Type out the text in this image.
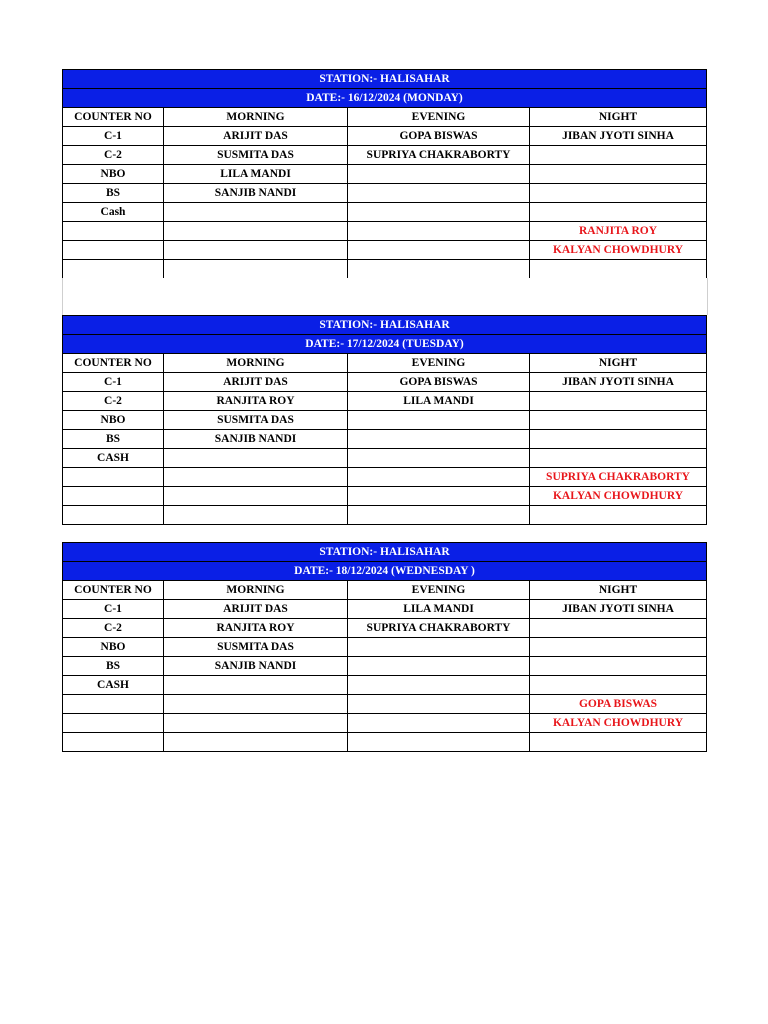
STATION:- HALISAHAR			
DATE:- 16/12/2024 (MONDAY)			
COUNTER NO	MORNING	EVENING	NIGHT
C-1	ARIJIT DAS	GOPA BISWAS	JIBAN JYOTI SINHA
C-2	SUSMITA DAS	SUPRIYA CHAKRABORTY	
NBO	LILA MANDI		
BS	SANJIB NANDI		
Cash			
			RANJITA ROY
			KALYAN CHOWDHURY

STATION:- HALISAHAR			
DATE:- 17/12/2024 (TUESDAY)			
COUNTER NO	MORNING	EVENING	NIGHT
C-1	ARIJIT DAS	GOPA BISWAS	JIBAN JYOTI SINHA
C-2	RANJITA ROY	LILA MANDI	
NBO	SUSMITA DAS		
BS	SANJIB NANDI		
CASH			
			SUPRIYA CHAKRABORTY
			KALYAN CHOWDHURY

STATION:- HALISAHAR			
DATE:- 18/12/2024 (WEDNESDAY )			
COUNTER NO	MORNING	EVENING	NIGHT
C-1	ARIJIT DAS	LILA MANDI	JIBAN JYOTI SINHA
C-2	RANJITA ROY	SUPRIYA CHAKRABORTY	
NBO	SUSMITA DAS		
BS	SANJIB NANDI		
CASH			
			GOPA BISWAS
			KALYAN CHOWDHURY
